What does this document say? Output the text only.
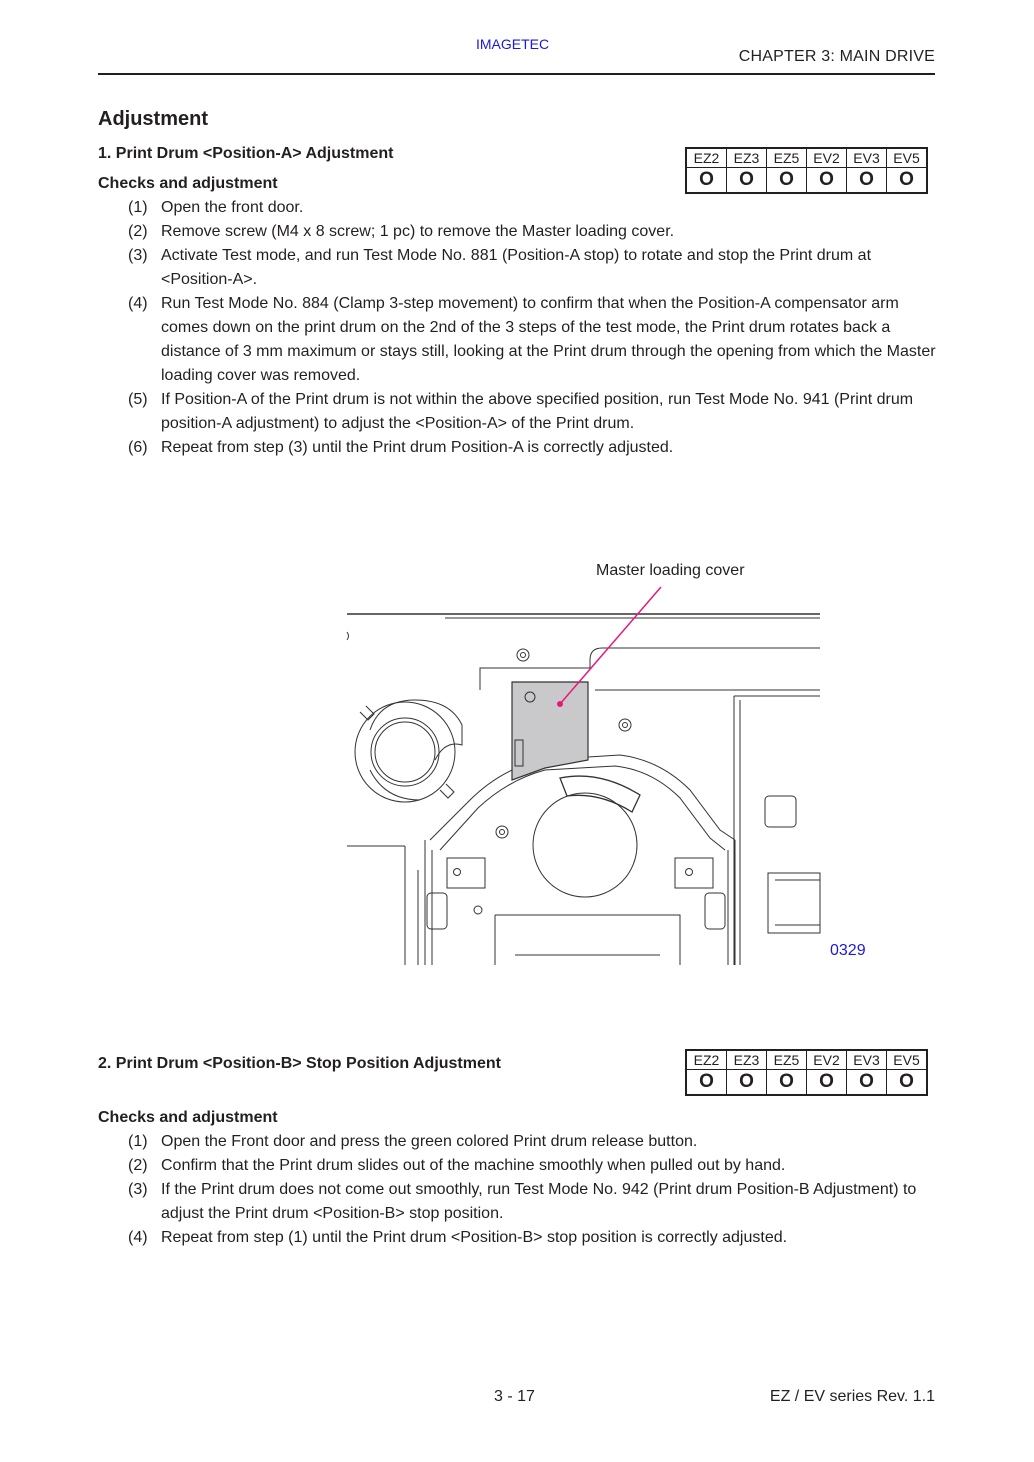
IMAGETEC
CHAPTER 3: MAIN DRIVE
Adjustment
1. Print Drum <Position-A> Adjustment
Checks and adjustment
EZ2	EZ3	EZ5	EV2	EV3	EV5
O	O	O	O	O	O
(1) Open the front door.
(2) Remove screw (M4 x 8 screw; 1 pc) to remove the Master loading cover.
(3) Activate Test mode, and run Test Mode No. 881 (Position-A stop) to rotate and stop the Print drum at <Position-A>.
(4) Run Test Mode No. 884 (Clamp 3-step movement) to confirm that when the Position-A compensator arm comes down on the print drum on the 2nd of the 3 steps of the test mode, the Print drum rotates back a distance of 3 mm maximum or stays still, looking at the Print drum through the opening from which the Master loading cover was removed.
(5) If Position-A of the Print drum is not within the above specified position, run Test Mode No. 941 (Print drum position-A adjustment) to adjust the <Position-A> of the Print drum.
(6) Repeat from step (3) until the Print drum Position-A is correctly adjusted.
Master loading cover
0329
2. Print Drum <Position-B> Stop Position Adjustment	EZ2	EZ3	EZ5	EV2	EV3	EV5
O	O	O	O	O	O
Checks and adjustment
(1) Open the Front door and press the green colored Print drum release button.
(2) Confirm that the Print drum slides out of the machine smoothly when pulled out by hand.
(3) If the Print drum does not come out smoothly, run Test Mode No. 942 (Print drum Position-B Adjustment) to adjust the Print drum <Position-B> stop position.
(4) Repeat from step (1) until the Print drum <Position-B> stop position is correctly adjusted.
3 - 17	EZ / EV series Rev. 1.1
